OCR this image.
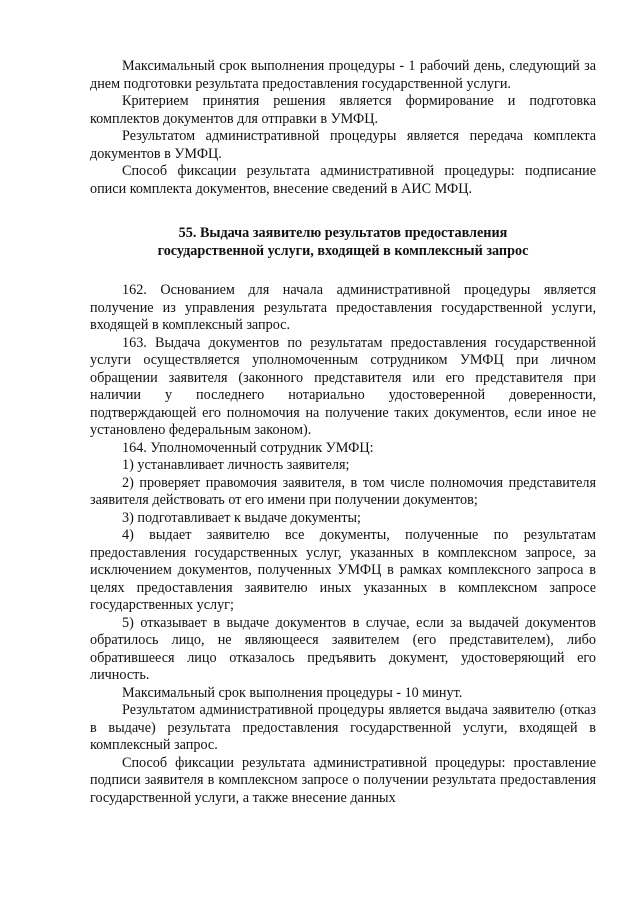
Максимальный срок выполнения процедуры - 1 рабочий день, следующий за днем подготовки результата предоставления государственной услуги.

Критерием принятия решения является формирование и подготовка комплектов документов для отправки в УМФЦ.

Результатом административной процедуры является передача комплекта документов в УМФЦ.

Способ фиксации результата административной процедуры: подписание описи комплекта документов, внесение сведений в АИС МФЦ.

55. Выдача заявителю результатов предоставления
государственной услуги, входящей в комплексный запрос

162. Основанием для начала административной процедуры является получение из управления результата предоставления государственной услуги, входящей в комплексный запрос.

163. Выдача документов по результатам предоставления государственной услуги осуществляется уполномоченным сотрудником УМФЦ при личном обращении заявителя (законного представителя или его представителя при наличии у последнего нотариально удостоверенной доверенности, подтверждающей его полномочия на получение таких документов, если иное не установлено федеральным законом).

164. Уполномоченный сотрудник УМФЦ:

1) устанавливает личность заявителя;

2) проверяет правомочия заявителя, в том числе полномочия представителя заявителя действовать от его имени при получении документов;

3) подготавливает к выдаче документы;

4) выдает заявителю все документы, полученные по результатам предоставления государственных услуг, указанных в комплексном запросе, за исключением документов, полученных УМФЦ в рамках комплексного запроса в целях предоставления заявителю иных указанных в комплексном запросе государственных услуг;

5) отказывает в выдаче документов в случае, если за выдачей документов обратилось лицо, не являющееся заявителем (его представителем), либо обратившееся лицо отказалось предъявить документ, удостоверяющий его личность.

Максимальный срок выполнения процедуры - 10 минут.

Результатом административной процедуры является выдача заявителю (отказ в выдаче) результата предоставления государственной услуги, входящей в комплексный запрос.

Способ фиксации результата административной процедуры: проставление подписи заявителя в комплексном запросе о получении результата предоставления государственной услуги, а также внесение данных
